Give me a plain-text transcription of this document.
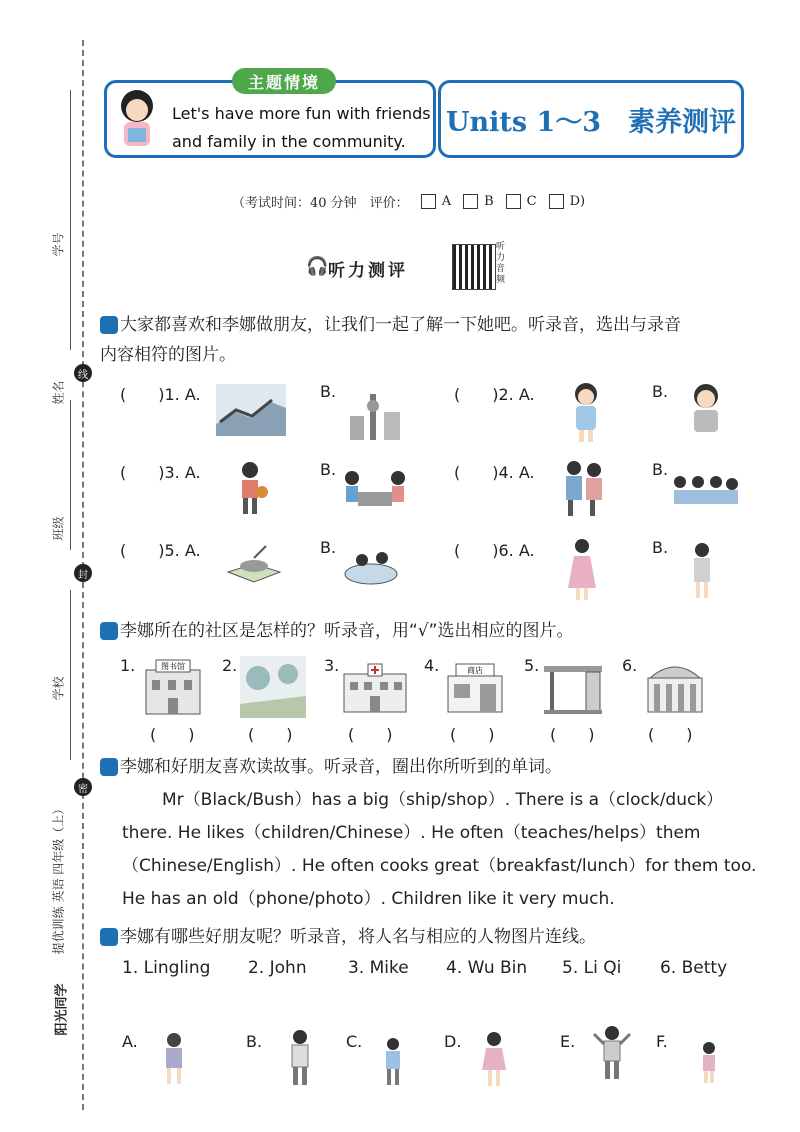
学号
线
姓名
班级
封
学校
密
提优训练 英语 四年级（上）
阳光同学
主题情境
Let's have more fun with friends
and family in the community.
Units 1～3　素养测评
（考试时间：40 分钟　评价：	A	B	C	D)
🎧 听力测评
听力音频
大家都喜欢和李娜做朋友，让我们一起了解一下她吧。听录音，选出与录音
内容相符的图片。
(　　)1. A.	B.	(　　)2. A.	B.
(　　)3. A.	B.	(　　)4. A.	B.
(　　)5. A.	B.	(　　)6. A.	B.
李娜所在的社区是怎样的？听录音，用“√”选出相应的图片。
1.	图书馆 2.	3.	4.	商店	5.	6.
(　　)	(　　)	(　　)	(　　)	(　　)	(　　)
李娜和好朋友喜欢读故事。听录音，圈出你所听到的单词。
Mr（Black/Bush）has a big（ship/shop）. There is a（clock/duck）
there. He likes（children/Chinese）. He often（teaches/helps）them
（Chinese/English）. He often cooks great（breakfast/lunch）for them too.
He has an old（phone/photo）. Children like it very much.
李娜有哪些好朋友呢？听录音，将人名与相应的人物图片连线。
1. Lingling 2. John 3. Mike 4. Wu Bin 5. Li Qi 6. Betty
A.	B.	C.	D.	E.	F.
